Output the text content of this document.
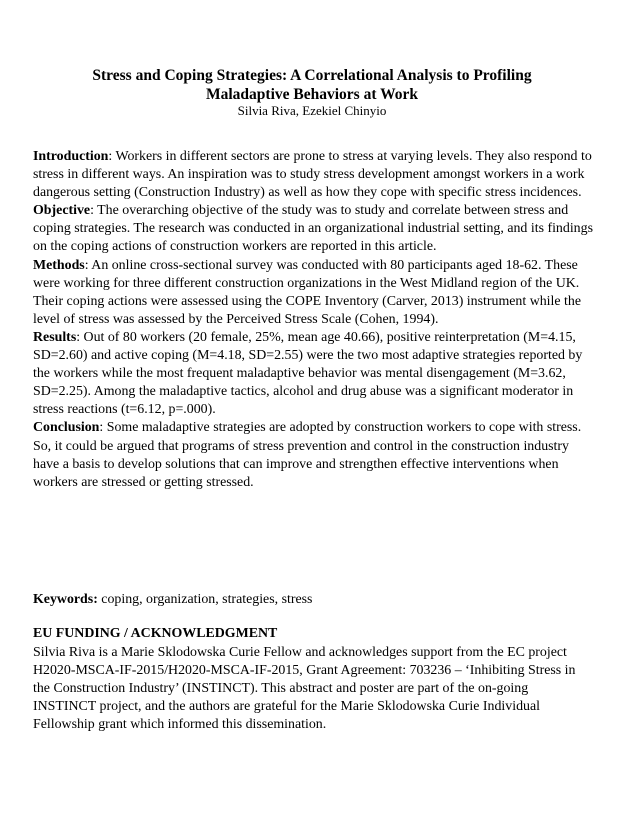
Stress and Coping Strategies: A Correlational Analysis to Profiling
Maladaptive Behaviors at Work
Silvia Riva, Ezekiel Chinyio

Introduction: Workers in different sectors are prone to stress at varying levels. They also respond to stress in different ways. An inspiration was to study stress development amongst workers in a work dangerous setting (Construction Industry) as well as how they cope with specific stress incidences.

Objective: The overarching objective of the study was to study and correlate between stress and coping strategies. The research was conducted in an organizational industrial setting, and its findings on the coping actions of construction workers are reported in this article.

Methods: An online cross-sectional survey was conducted with 80 participants aged 18-62. These were working for three different construction organizations in the West Midland region of the UK. Their coping actions were assessed using the COPE Inventory (Carver, 2013) instrument while the level of stress was assessed by the Perceived Stress Scale (Cohen, 1994).

Results: Out of 80 workers (20 female, 25%, mean age 40.66), positive reinterpretation (M=4.15, SD=2.60) and active coping (M=4.18, SD=2.55) were the two most adaptive strategies reported by the workers while the most frequent maladaptive behavior was mental disengagement (M=3.62, SD=2.25). Among the maladaptive tactics, alcohol and drug abuse was a significant moderator in stress reactions (t=6.12, p=.000).

Conclusion: Some maladaptive strategies are adopted by construction workers to cope with stress. So, it could be argued that programs of stress prevention and control in the construction industry have a basis to develop solutions that can improve and strengthen effective interventions when workers are stressed or getting stressed.

Keywords: coping, organization, strategies, stress
EU FUNDING / ACKNOWLEDGMENT
Silvia Riva is a Marie Sklodowska Curie Fellow and acknowledges support from the EC project H2020-MSCA-IF-2015/H2020-MSCA-IF-2015, Grant Agreement: 703236 – ‘Inhibiting Stress in the Construction Industry’ (INSTINCT). This abstract and poster are part of the on-going INSTINCT project, and the authors are grateful for the Marie Sklodowska Curie Individual Fellowship grant which informed this dissemination.
